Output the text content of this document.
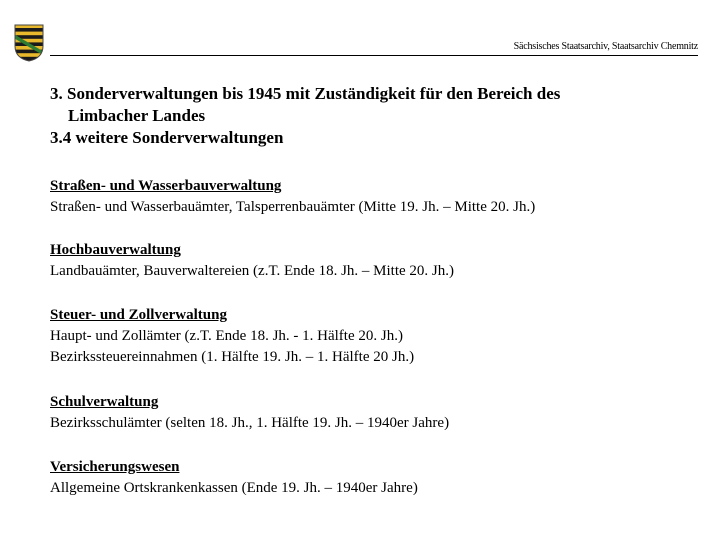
Sächsisches Staatsarchiv, Staatsarchiv Chemnitz
3. Sonderverwaltungen bis 1945 mit Zuständigkeit für den Bereich des
Limbacher Landes
3.4 weitere Sonderverwaltungen
Straßen- und Wasserbauverwaltung
Straßen- und Wasserbauämter, Talsperrenbauämter (Mitte 19. Jh. – Mitte 20. Jh.)
Hochbauverwaltung
Landbauämter, Bauverwaltereien (z.T. Ende 18. Jh. – Mitte 20. Jh.)
Steuer- und Zollverwaltung
Haupt- und Zollämter (z.T. Ende 18. Jh. - 1. Hälfte 20. Jh.)
Bezirkssteuereinnahmen (1. Hälfte 19. Jh. – 1. Hälfte 20 Jh.)
Schulverwaltung
Bezirksschulämter (selten 18. Jh., 1. Hälfte 19. Jh. – 1940er Jahre)
Versicherungswesen
Allgemeine Ortskrankenkassen (Ende 19. Jh. – 1940er Jahre)
